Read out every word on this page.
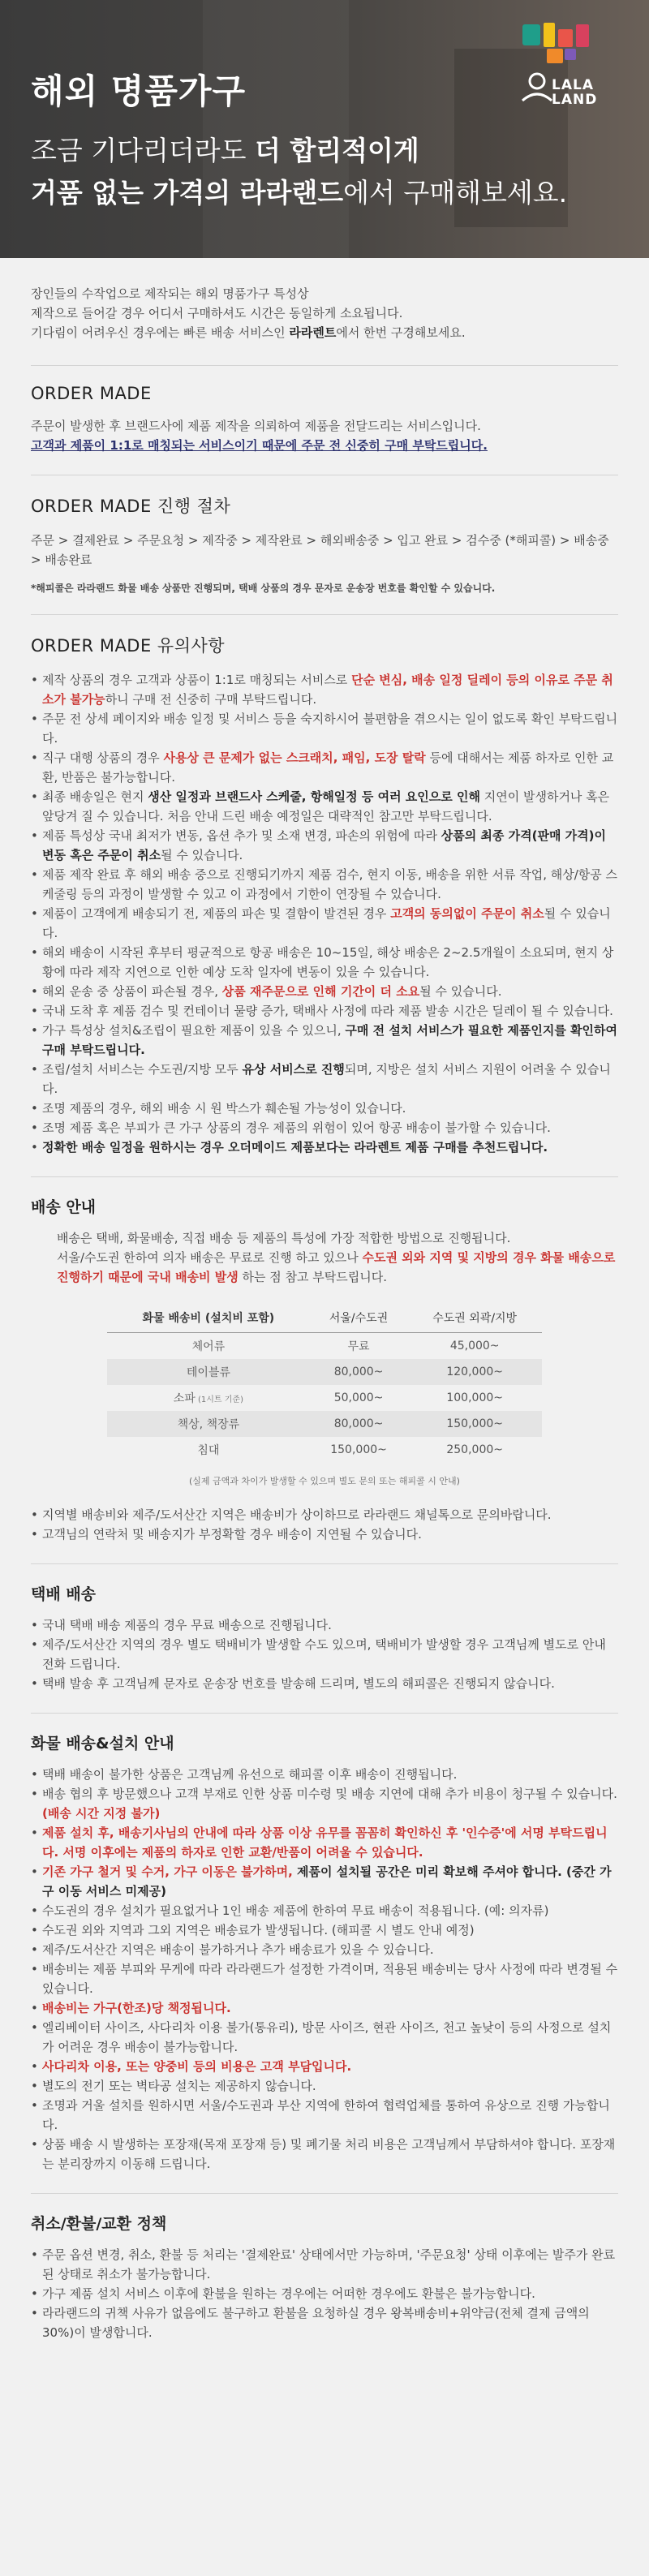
해외 명품가구
조금 기다리더라도 더 합리적이게
거품 없는 가격의 라라랜드에서 구매해보세요.
LALA
LAND
장인들의 수작업으로 제작되는 해외 명품가구 특성상
제작으로 들어갈 경우 어디서 구매하셔도 시간은 동일하게 소요됩니다.
기다림이 어려우신 경우에는 빠른 배송 서비스인 라라렌트에서 한번 구경해보세요.
ORDER MADE
주문이 발생한 후 브랜드사에 제품 제작을 의뢰하여 제품을 전달드리는 서비스입니다.
고객과 제품이 1:1로 매칭되는 서비스이기 때문에 주문 전 신중히 구매 부탁드립니다.
ORDER MADE 진행 절차
주문 > 결제완료 > 주문요청 > 제작중 > 제작완료 > 해외배송중 > 입고 완료 > 검수중 (*해피콜) > 배송중 > 배송완료
*해피콜은 라라랜드 화물 배송 상품만 진행되며, 택배 상품의 경우 문자로 운송장 번호를 확인할 수 있습니다.
ORDER MADE 유의사항
• 제작 상품의 경우 고객과 상품이 1:1로 매칭되는 서비스로 단순 변심, 배송 일정 딜레이 등의 이유로 주문 취소가 불가능하니 구매 전 신중히 구매 부탁드립니다.
• 주문 전 상세 페이지와 배송 일정 및 서비스 등을 숙지하시어 불편함을 겪으시는 일이 없도록 확인 부탁드립니다.
• 직구 대행 상품의 경우 사용상 큰 문제가 없는 스크래치, 패임, 도장 탈락 등에 대해서는 제품 하자로 인한 교환, 반품은 불가능합니다.
• 최종 배송일은 현지 생산 일정과 브랜드사 스케줄, 항해일정 등 여러 요인으로 인해 지연이 발생하거나 혹은 앞당겨 질 수 있습니다. 처음 안내 드린 배송 예정일은 대략적인 참고만 부탁드립니다.
• 제품 특성상 국내 최저가 변동, 옵션 추가 및 소재 변경, 파손의 위험에 따라 상품의 최종 가격(판매 가격)이 변동 혹은 주문이 취소될 수 있습니다.
• 제품 제작 완료 후 해외 배송 중으로 진행되기까지 제품 검수, 현지 이동, 배송을 위한 서류 작업, 해상/항공 스케줄링 등의 과정이 발생할 수 있고 이 과정에서 기한이 연장될 수 있습니다.
• 제품이 고객에게 배송되기 전, 제품의 파손 및 결함이 발견된 경우 고객의 동의없이 주문이 취소될 수 있습니다.
• 해외 배송이 시작된 후부터 평균적으로 항공 배송은 10~15일, 해상 배송은 2~2.5개월이 소요되며, 현지 상황에 따라 제작 지연으로 인한 예상 도착 일자에 변동이 있을 수 있습니다.
• 해외 운송 중 상품이 파손될 경우, 상품 재주문으로 인해 기간이 더 소요될 수 있습니다.
• 국내 도착 후 제품 검수 및 컨테이너 물량 증가, 택배사 사정에 따라 제품 발송 시간은 딜레이 될 수 있습니다.
• 가구 특성상 설치&조립이 필요한 제품이 있을 수 있으니, 구매 전 설치 서비스가 필요한 제품인지를 확인하여 구매 부탁드립니다.
• 조립/설치 서비스는 수도권/지방 모두 유상 서비스로 진행되며, 지방은 설치 서비스 지원이 어려울 수 있습니다.
• 조명 제품의 경우, 해외 배송 시 원 박스가 훼손될 가능성이 있습니다.
• 조명 제품 혹은 부피가 큰 가구 상품의 경우 제품의 위험이 있어 항공 배송이 불가할 수 있습니다.
• 정확한 배송 일정을 원하시는 경우 오더메이드 제품보다는 라라렌트 제품 구매를 추천드립니다.
배송 안내
배송은 택배, 화물배송, 직접 배송 등 제품의 특성에 가장 적합한 방법으로 진행됩니다.
서울/수도권 한하여 의자 배송은 무료로 진행 하고 있으나 수도권 외와 지역 및 지방의 경우 화물 배송으로 진행하기 때문에 국내 배송비 발생 하는 점 참고 부탁드립니다.
화물 배송비 (설치비 포함)	서울/수도권	수도권 외곽/지방
체어류	무료	45,000~
테이블류	80,000~	120,000~
소파 (1시트 기준)	50,000~	100,000~
책상, 책장류	80,000~	150,000~
침대	150,000~	250,000~
(실제 금액과 차이가 발생할 수 있으며 별도 문의 또는 해피콜 시 안내)
• 지역별 배송비와 제주/도서산간 지역은 배송비가 상이하므로 라라랜드 채널톡으로 문의바랍니다.
• 고객님의 연락처 및 배송지가 부정확할 경우 배송이 지연될 수 있습니다.
택배 배송
• 국내 택배 배송 제품의 경우 무료 배송으로 진행됩니다.
• 제주/도서산간 지역의 경우 별도 택배비가 발생할 수도 있으며, 택배비가 발생할 경우 고객님께 별도로 안내 전화 드립니다.
• 택배 발송 후 고객님께 문자로 운송장 번호를 발송해 드리며, 별도의 해피콜은 진행되지 않습니다.
화물 배송&설치 안내
• 택배 배송이 불가한 상품은 고객님께 유선으로 해피콜 이후 배송이 진행됩니다.
• 배송 협의 후 방문했으나 고객 부재로 인한 상품 미수령 및 배송 지연에 대해 추가 비용이 청구될 수 있습니다. (배송 시간 지정 불가)
• 제품 설치 후, 배송기사님의 안내에 따라 상품 이상 유무를 꼼꼼히 확인하신 후 '인수증'에 서명 부탁드립니다. 서명 이후에는 제품의 하자로 인한 교환/반품이 어려울 수 있습니다.
• 기존 가구 철거 및 수거, 가구 이동은 불가하며, 제품이 설치될 공간은 미리 확보해 주셔야 합니다. (중간 가구 이동 서비스 미제공)
• 수도권의 경우 설치가 필요없거나 1인 배송 제품에 한하여 무료 배송이 적용됩니다. (예: 의자류)
• 수도권 외와 지역과 그외 지역은 배송료가 발생됩니다. (해피콜 시 별도 안내 예정)
• 제주/도서산간 지역은 배송이 불가하거나 추가 배송료가 있을 수 있습니다.
• 배송비는 제품 부피와 무게에 따라 라라랜드가 설정한 가격이며, 적용된 배송비는 당사 사정에 따라 변경될 수 있습니다.
• 배송비는 가구(한조)당 책정됩니다.
• 엘리베이터 사이즈, 사다리차 이용 불가(통유리), 방문 사이즈, 현관 사이즈, 천고 높낮이 등의 사정으로 설치가 어려운 경우 배송이 불가능합니다.
• 사다리차 이용, 또는 양중비 등의 비용은 고객 부담입니다.
• 별도의 전기 또는 벽타공 설치는 제공하지 않습니다.
• 조명과 거울 설치를 원하시면 서울/수도권과 부산 지역에 한하여 협력업체를 통하여 유상으로 진행 가능합니다.
• 상품 배송 시 발생하는 포장재(목재 포장재 등) 및 폐기물 처리 비용은 고객님께서 부담하셔야 합니다. 포장재는 분리장까지 이동해 드립니다.
취소/환불/교환 정책
• 주문 옵션 변경, 취소, 환불 등 처리는 '결제완료' 상태에서만 가능하며, '주문요청' 상태 이후에는 발주가 완료된 상태로 취소가 불가능합니다.
• 가구 제품 설치 서비스 이후에 환불을 원하는 경우에는 어떠한 경우에도 환불은 불가능합니다.
• 라라랜드의 귀책 사유가 없음에도 불구하고 환불을 요청하실 경우 왕복배송비+위약금(전체 결제 금액의 30%)이 발생합니다.
